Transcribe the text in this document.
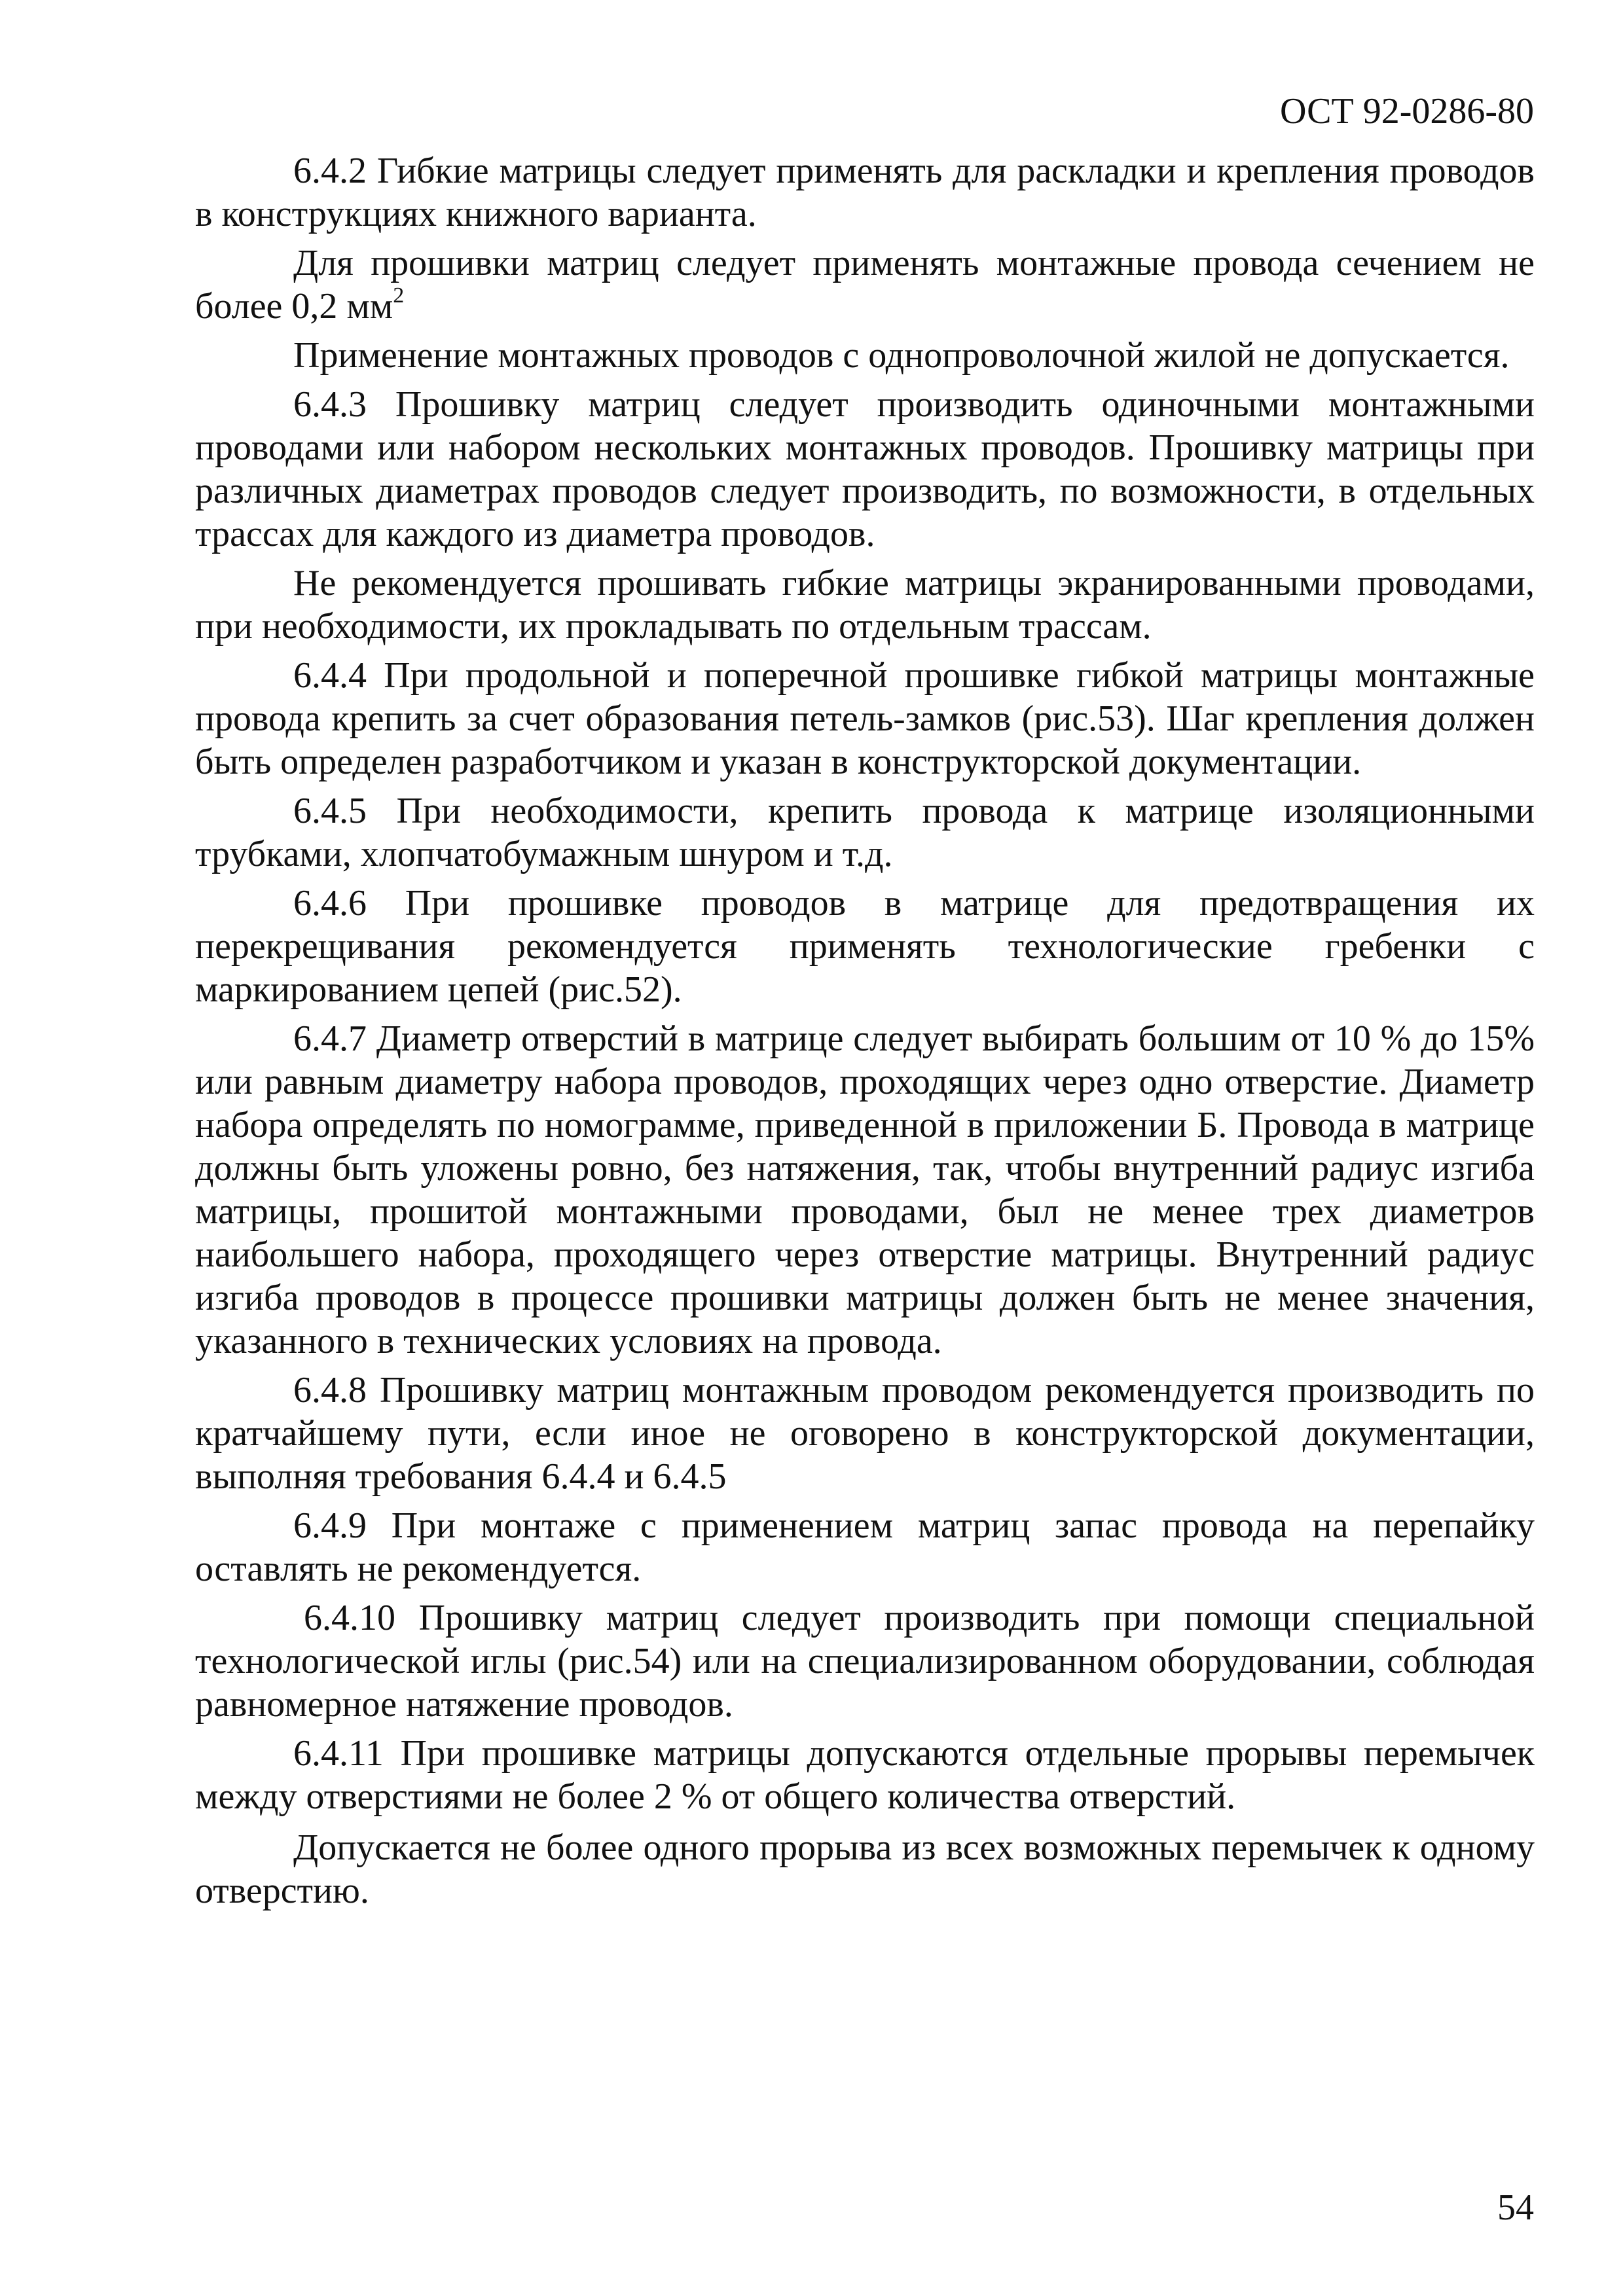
ОСТ 92-0286-80

6.4.2 Гибкие матрицы следует применять для раскладки и крепления проводов в конструкциях книжного варианта.

Для прошивки матриц следует применять монтажные провода сечением не более 0,2 $мм^2$

Применение монтажных проводов с однопроволочной жилой не допускается.

6.4.3 Прошивку матриц следует производить одиночными монтажными проводами или набором нескольких монтажных проводов. Прошивку матрицы при различных диаметрах проводов следует производить, по возможности, в отдельных трассах для каждого из диаметра проводов.

Не рекомендуется прошивать гибкие матрицы экранированными проводами, при необходимости, их прокладывать по отдельным трассам.

6.4.4 При продольной и поперечной прошивке гибкой матрицы монтажные провода крепить за счет образования петель-замков (рис.53). Шаг крепления должен быть определен разработчиком и указан в конструкторской документации.

6.4.5 При необходимости, крепить провода к матрице изоляционными трубками, хлопчатобумажным шнуром и т.д.

6.4.6 При прошивке проводов в матрице для предотвращения их перекрещивания рекомендуется применять технологические гребенки с маркированием цепей (рис.52).

6.4.7 Диаметр отверстий в матрице следует выбирать большим от 10 % до 15% или равным диаметру набора проводов, проходящих через одно отверстие. Диаметр набора определять по номограмме, приведенной в приложении Б. Провода в матрице должны быть уложены ровно, без натяжения, так, чтобы внутренний радиус изгиба матрицы, прошитой монтажными проводами, был не менее трех диаметров наибольшего набора, проходящего через отверстие матрицы. Внутренний радиус изгиба проводов в процессе прошивки матрицы должен быть не менее значения, указанного в технических условиях на провода.

6.4.8 Прошивку матриц монтажным проводом рекомендуется производить по кратчайшему пути, если иное не оговорено в конструкторской документации, выполняя требования 6.4.4 и 6.4.5

6.4.9 При монтаже с применением матриц запас провода на перепайку оставлять не рекомендуется.

6.4.10 Прошивку матриц следует производить при помощи специальной технологической иглы (рис.54) или на специализированном оборудовании, соблюдая равномерное натяжение проводов.

6.4.11 При прошивке матрицы допускаются отдельные прорывы перемычек между отверстиями не более 2 % от общего количества отверстий.

Допускается не более одного прорыва из всех возможных перемычек к одному отверстию.

54
